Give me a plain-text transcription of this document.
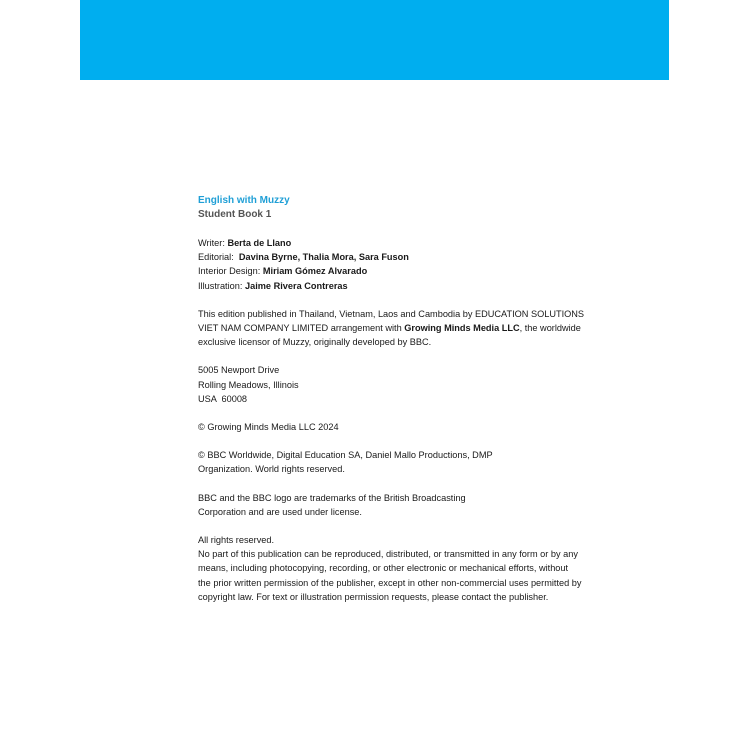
English with Muzzy
Student Book 1
Writer: Berta de Llano
Editorial:  Davina Byrne, Thalia Mora, Sara Fuson
Interior Design: Miriam Gómez Alvarado
Illustration: Jaime Rivera Contreras
This edition published in Thailand, Vietnam, Laos and Cambodia by EDUCATION SOLUTIONS
VIET NAM COMPANY LIMITED arrangement with Growing Minds Media LLC, the worldwide
exclusive licensor of Muzzy, originally developed by BBC.
5005 Newport Drive
Rolling Meadows, Illinois
USA  60008
© Growing Minds Media LLC 2024
© BBC Worldwide, Digital Education SA, Daniel Mallo Productions, DMP
Organization. World rights reserved.
BBC and the BBC logo are trademarks of the British Broadcasting
Corporation and are used under license.
All rights reserved.
No part of this publication can be reproduced, distributed, or transmitted in any form or by any
means, including photocopying, recording, or other electronic or mechanical efforts, without
the prior written permission of the publisher, except in other non-commercial uses permitted by
copyright law. For text or illustration permission requests, please contact the publisher.
